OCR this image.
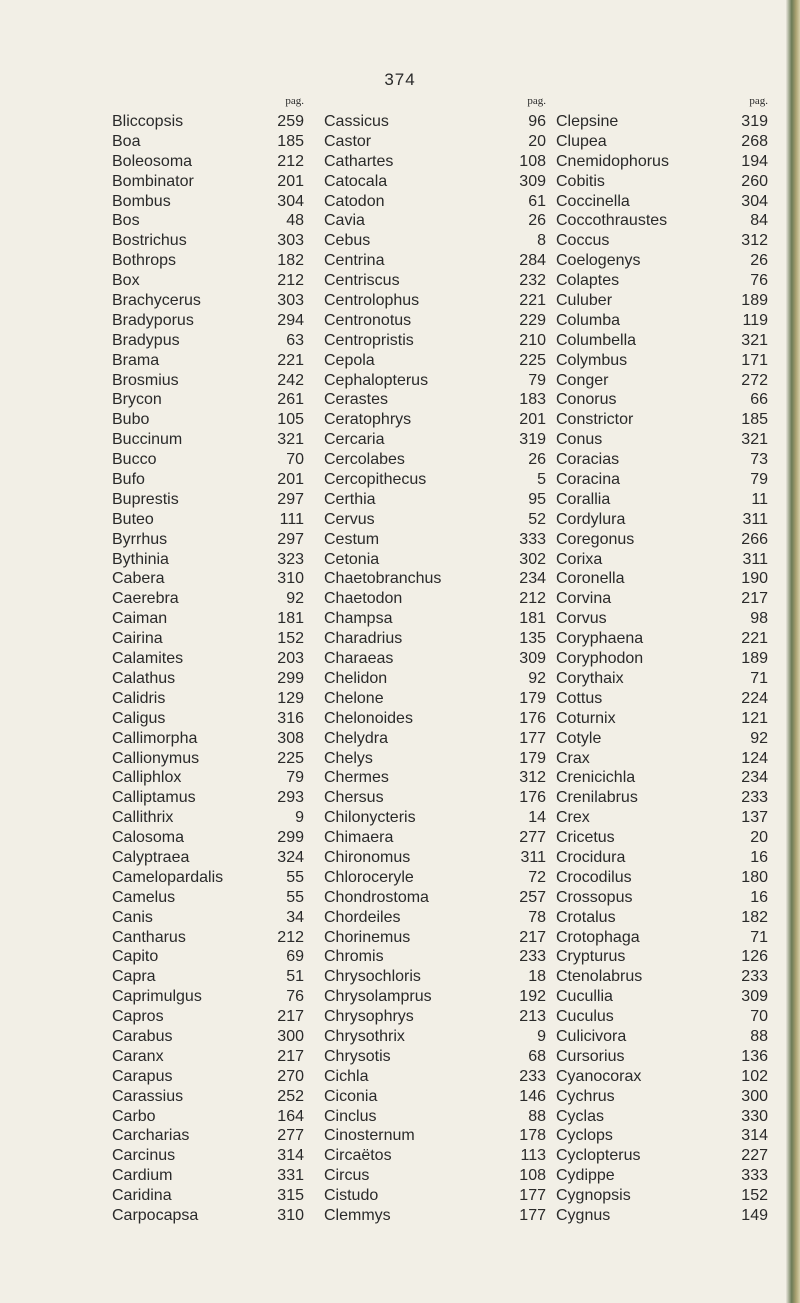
374
pag.
Bliccopsis	259
Boa	185
Boleosoma	212
Bombinator	201
Bombus	304
Bos	48
Bostrichus	303
Bothrops	182
Box	212
Brachycerus	303
Bradyporus	294
Bradypus	63
Brama	221
Brosmius	242
Brycon	261
Bubo	105
Buccinum	321
Bucco	70
Bufo	201
Buprestis	297
Buteo	111
Byrrhus	297
Bythinia	323
Cabera	310
Caerebra	92
Caiman	181
Cairina	152
Calamites	203
Calathus	299
Calidris	129
Caligus	316
Callimorpha	308
Callionymus	225
Calliphlox	79
Calliptamus	293
Callithrix	9
Calosoma	299
Calyptraea	324
Camelopardalis	55
Camelus	55
Canis	34
Cantharus	212
Capito	69
Capra	51
Caprimulgus	76
Capros	217
Carabus	300
Caranx	217
Carapus	270
Carassius	252
Carbo	164
Carcharias	277
Carcinus	314
Cardium	331
Caridina	315
Carpocapsa	310
pag.
Cassicus	96
Castor	20
Cathartes	108
Catocala	309
Catodon	61
Cavia	26
Cebus	8
Centrina	284
Centriscus	232
Centrolophus	221
Centronotus	229
Centropristis	210
Cepola	225
Cephalopterus	79
Cerastes	183
Ceratophrys	201
Cercaria	319
Cercolabes	26
Cercopithecus	5
Certhia	95
Cervus	52
Cestum	333
Cetonia	302
Chaetobranchus	234
Chaetodon	212
Champsa	181
Charadrius	135
Charaeas	309
Chelidon	92
Chelone	179
Chelonoides	176
Chelydra	177
Chelys	179
Chermes	312
Chersus	176
Chilonycteris	14
Chimaera	277
Chironomus	311
Chloroceryle	72
Chondrostoma	257
Chordeiles	78
Chorinemus	217
Chromis	233
Chrysochloris	18
Chrysolamprus	192
Chrysophrys	213
Chrysothrix	9
Chrysotis	68
Cichla	233
Ciconia	146
Cinclus	88
Cinosternum	178
Circaëtos	113
Circus	108
Cistudo	177
Clemmys	177
pag.
Clepsine	319
Clupea	268
Cnemidophorus	194
Cobitis	260
Coccinella	304
Coccothraustes	84
Coccus	312
Coelogenys	26
Colaptes	76
Culuber	189
Columba	119
Columbella	321
Colymbus	171
Conger	272
Conorus	66
Constrictor	185
Conus	321
Coracias	73
Coracina	79
Corallia	11
Cordylura	311
Coregonus	266
Corixa	311
Coronella	190
Corvina	217
Corvus	98
Coryphaena	221
Coryphodon	189
Corythaix	71
Cottus	224
Coturnix	121
Cotyle	92
Crax	124
Crenicichla	234
Crenilabrus	233
Crex	137
Cricetus	20
Crocidura	16
Crocodilus	180
Crossopus	16
Crotalus	182
Crotophaga	71
Crypturus	126
Ctenolabrus	233
Cucullia	309
Cuculus	70
Culicivora	88
Cursorius	136
Cyanocorax	102
Cychrus	300
Cyclas	330
Cyclops	314
Cyclopterus	227
Cydippe	333
Cygnopsis	152
Cygnus	149
